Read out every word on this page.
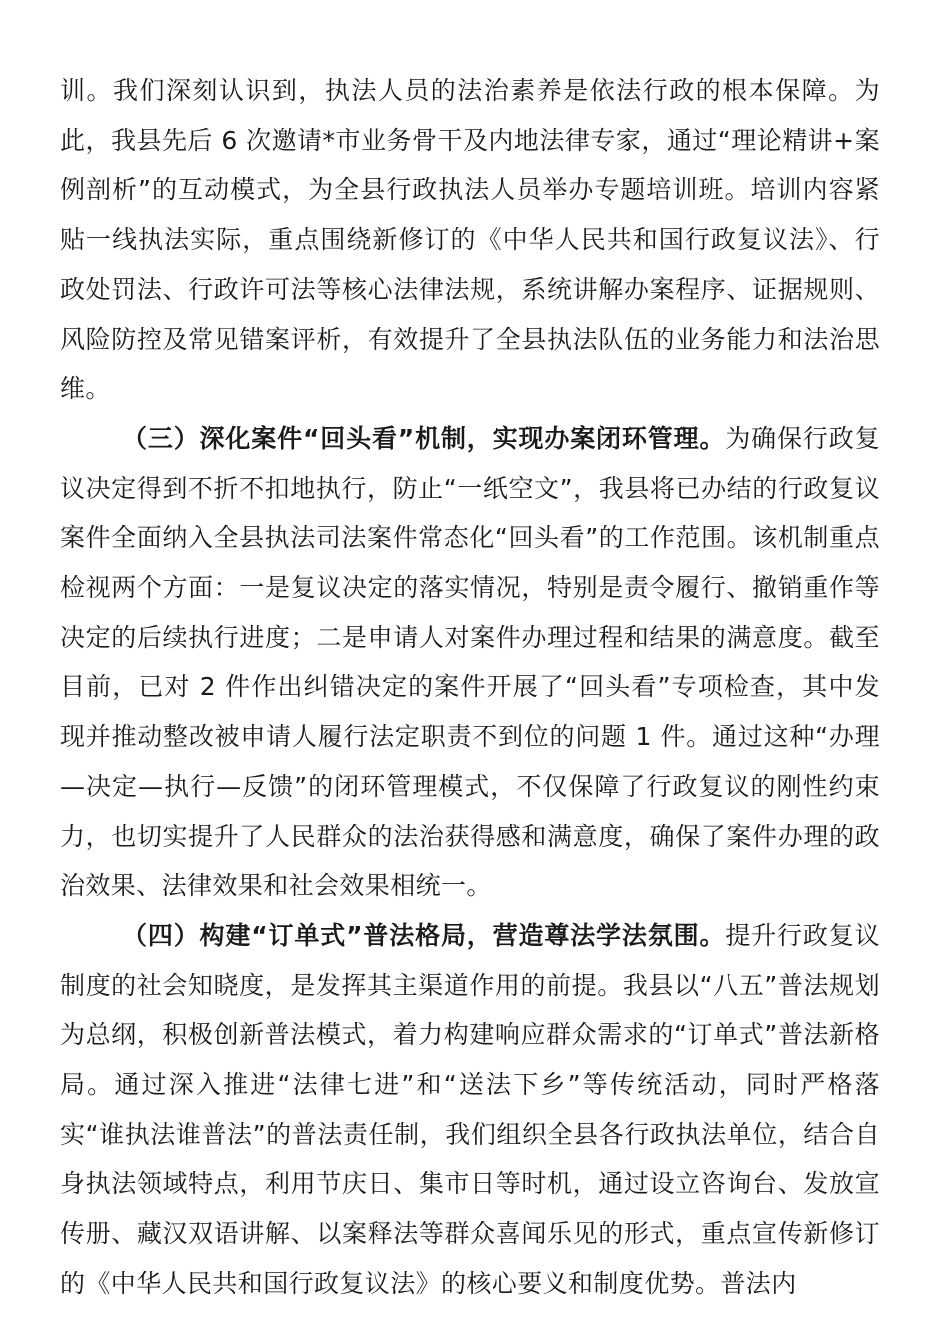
训。我们深刻认识到，执法人员的法治素养是依法行政的根本保障。为此，我县先后 6 次邀请*市业务骨干及内地法律专家，通过“理论精讲+案例剖析”的互动模式，为全县行政执法人员举办专题培训班。培训内容紧贴一线执法实际，重点围绕新修订的《中华人民共和国行政复议法》、行政处罚法、行政许可法等核心法律法规，系统讲解办案程序、证据规则、风险防控及常见错案评析，有效提升了全县执法队伍的业务能力和法治思维。

（三）深化案件“回头看”机制，实现办案闭环管理。为确保行政复议决定得到不折不扣地执行，防止“一纸空文”，我县将已办结的行政复议案件全面纳入全县执法司法案件常态化“回头看”的工作范围。该机制重点检视两个方面：一是复议决定的落实情况，特别是责令履行、撤销重作等决定的后续执行进度；二是申请人对案件办理过程和结果的满意度。截至目前，已对 2 件作出纠错决定的案件开展了“回头看”专项检查，其中发现并推动整改被申请人履行法定职责不到位的问题 1 件。通过这种“办理—决定—执行—反馈”的闭环管理模式，不仅保障了行政复议的刚性约束力，也切实提升了人民群众的法治获得感和满意度，确保了案件办理的政治效果、法律效果和社会效果相统一。

（四）构建“订单式”普法格局，营造尊法学法氛围。提升行政复议制度的社会知晓度，是发挥其主渠道作用的前提。我县以“八五”普法规划为总纲，积极创新普法模式，着力构建响应群众需求的“订单式”普法新格局。通过深入推进“法律七进”和“送法下乡”等传统活动，同时严格落实“谁执法谁普法”的普法责任制，我们组织全县各行政执法单位，结合自身执法领域特点，利用节庆日、集市日等时机，通过设立咨询台、发放宣传册、藏汉双语讲解、以案释法等群众喜闻乐见的形式，重点宣传新修订的《中华人民共和国行政复议法》的核心要义和制度优势。普法内
